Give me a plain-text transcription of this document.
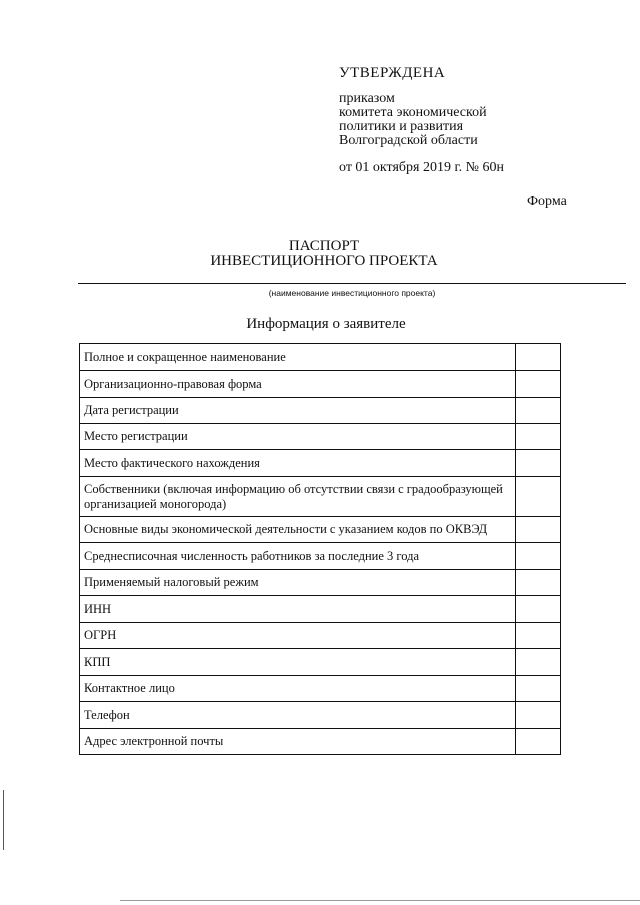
УТВЕРЖДЕНА
приказом
комитета экономической
политики и развития
Волгоградской области
от 01 октября 2019 г. № 60н
Форма
ПАСПОРТ
ИНВЕСТИЦИОННОГО ПРОЕКТА
(наименование инвестиционного проекта)
Информация о заявителе
Полное и сокращенное наименование	
Организационно-правовая форма	
Дата регистрации	
Место регистрации	
Место фактического нахождения	
Собственники (включая информацию об отсутствии связи с градообразующей организацией моногорода)	
Основные виды экономической деятельности с указанием кодов по ОКВЭД	
Среднесписочная численность работников за последние 3 года	
Применяемый налоговый режим	
ИНН	
ОГРН	
КПП	
Контактное лицо	
Телефон	
Адрес электронной почты	
